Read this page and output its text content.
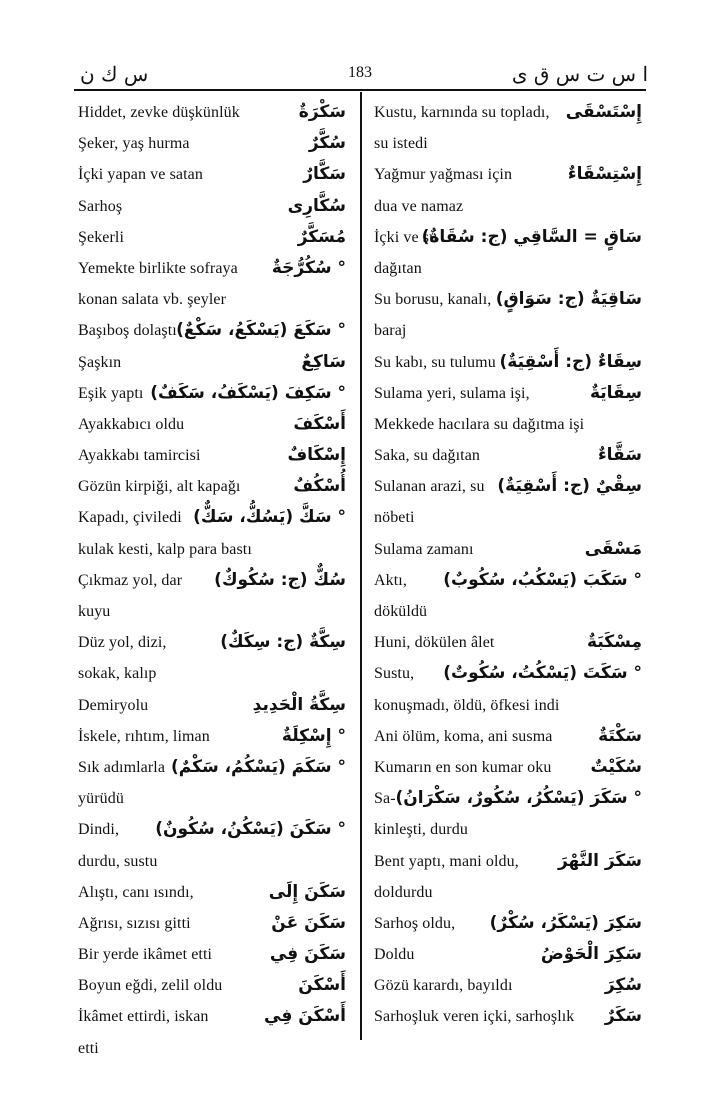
س ك ن	183	ا س ت س ق ى
Hiddet, zevke düşkünlük	سَكْرَةٌ
Şeker, yaş hurma	سُكَّرٌ
İçki yapan ve satan	سَكَّارٌ
Sarhoş	سُكَّارِى
Şekerli	مُسَكَّرٌ
Yemekte birlikte sofraya ° سُكُرُّجَةٌ
konan salata vb. şeyler
Başıboş dolaştı ° سَكَعَ (يَسْكَعُ، سَكْعٌ)
Şaşkın	سَاكِعٌ
Eşik yaptı ° سَكِفَ (يَسْكَفُ، سَكَفٌ)
Ayakkabıcı oldu	أَسْكَفَ
Ayakkabı tamircisi	إِسْكَافٌ
Gözün kirpiği, alt kapağı	أُسْكُفٌ
Kapadı, çiviledi ° سَكَّ (يَسُكُّ، سَكٌّ)
kulak kesti, kalp para bastı
Çıkmaz yol, dar سُكٌّ (ج: سُكُوكٌ)
kuyu
Düz yol, dizi,	سِكَّةٌ (ج: سِكَكٌ)
sokak, kalıp
Demiryolu	سِكَّةُ الْحَدِيدِ
İskele, rıhtım, liman	° إِسْكِلَةٌ
Sık adımlarla ° سَكَمَ (يَسْكُمُ، سَكْمٌ)
yürüdü
Dindi, ° سَكَنَ (يَسْكُنُ، سُكُونٌ)
durdu, sustu
Alıştı, canı ısındı,	سَكَنَ إِلَى
Ağrısı, sızısı gitti	سَكَنَ عَنْ
Bir yerde ikâmet etti	سَكَنَ فِي
Boyun eğdi, zelil oldu	أَسْكَنَ
İkâmet ettirdi, iskan	أَسْكَنَ فِي
etti
Kustu, karnında su topladı, إِسْتَسْقَى
su istedi
Yağmur yağması için	إِسْتِسْقَاءٌ
dua ve namaz
İçki ve su
سَاقٍ = السَّاقِي (ج: سُقَاةٌ)
dağıtan
Su borusu, kanalı, سَاقِيَةٌ (ج: سَوَاقٍ)
baraj
Su kabı, su tulumu سِقَاءٌ (ج: أَسْقِيَةٌ)
Sulama yeri, sulama işi,	سِقَايَةٌ
Mekkede hacılara su dağıtma işi
Saka, su dağıtan	سَقَّاءٌ
Sulanan arazi, su سِقْيٌ (ج: أَسْقِيَةٌ)
nöbeti
Sulama zamanı	مَسْقَى
Aktı, ° سَكَبَ (يَسْكُبُ، سُكُوبٌ)
döküldü
Huni, dökülen âlet	مِسْكَبَةٌ
Sustu, ° سَكَتَ (يَسْكُتُ، سُكُوتٌ)
konuşmadı, öldü, öfkesi indi
Ani ölüm, koma, ani susma	سَكْتَةٌ
Kumarın en son kumar oku سُكَيْتٌ
Sa- ° سَكَرَ (يَسْكُرُ، سُكُورٌ، سَكْرَانُ)
kinleşti, durdu
Bent yaptı, mani oldu, سَكَرَ النَّهْرَ
doldurdu
Sarhoş oldu, سَكِرَ (يَسْكَرُ، سُكْرٌ)
Doldu	سَكِرَ الْحَوْضُ
Gözü karardı, bayıldı	سُكِرَ
Sarhoşluk veren içki, sarhoşlık سَكَرٌ
